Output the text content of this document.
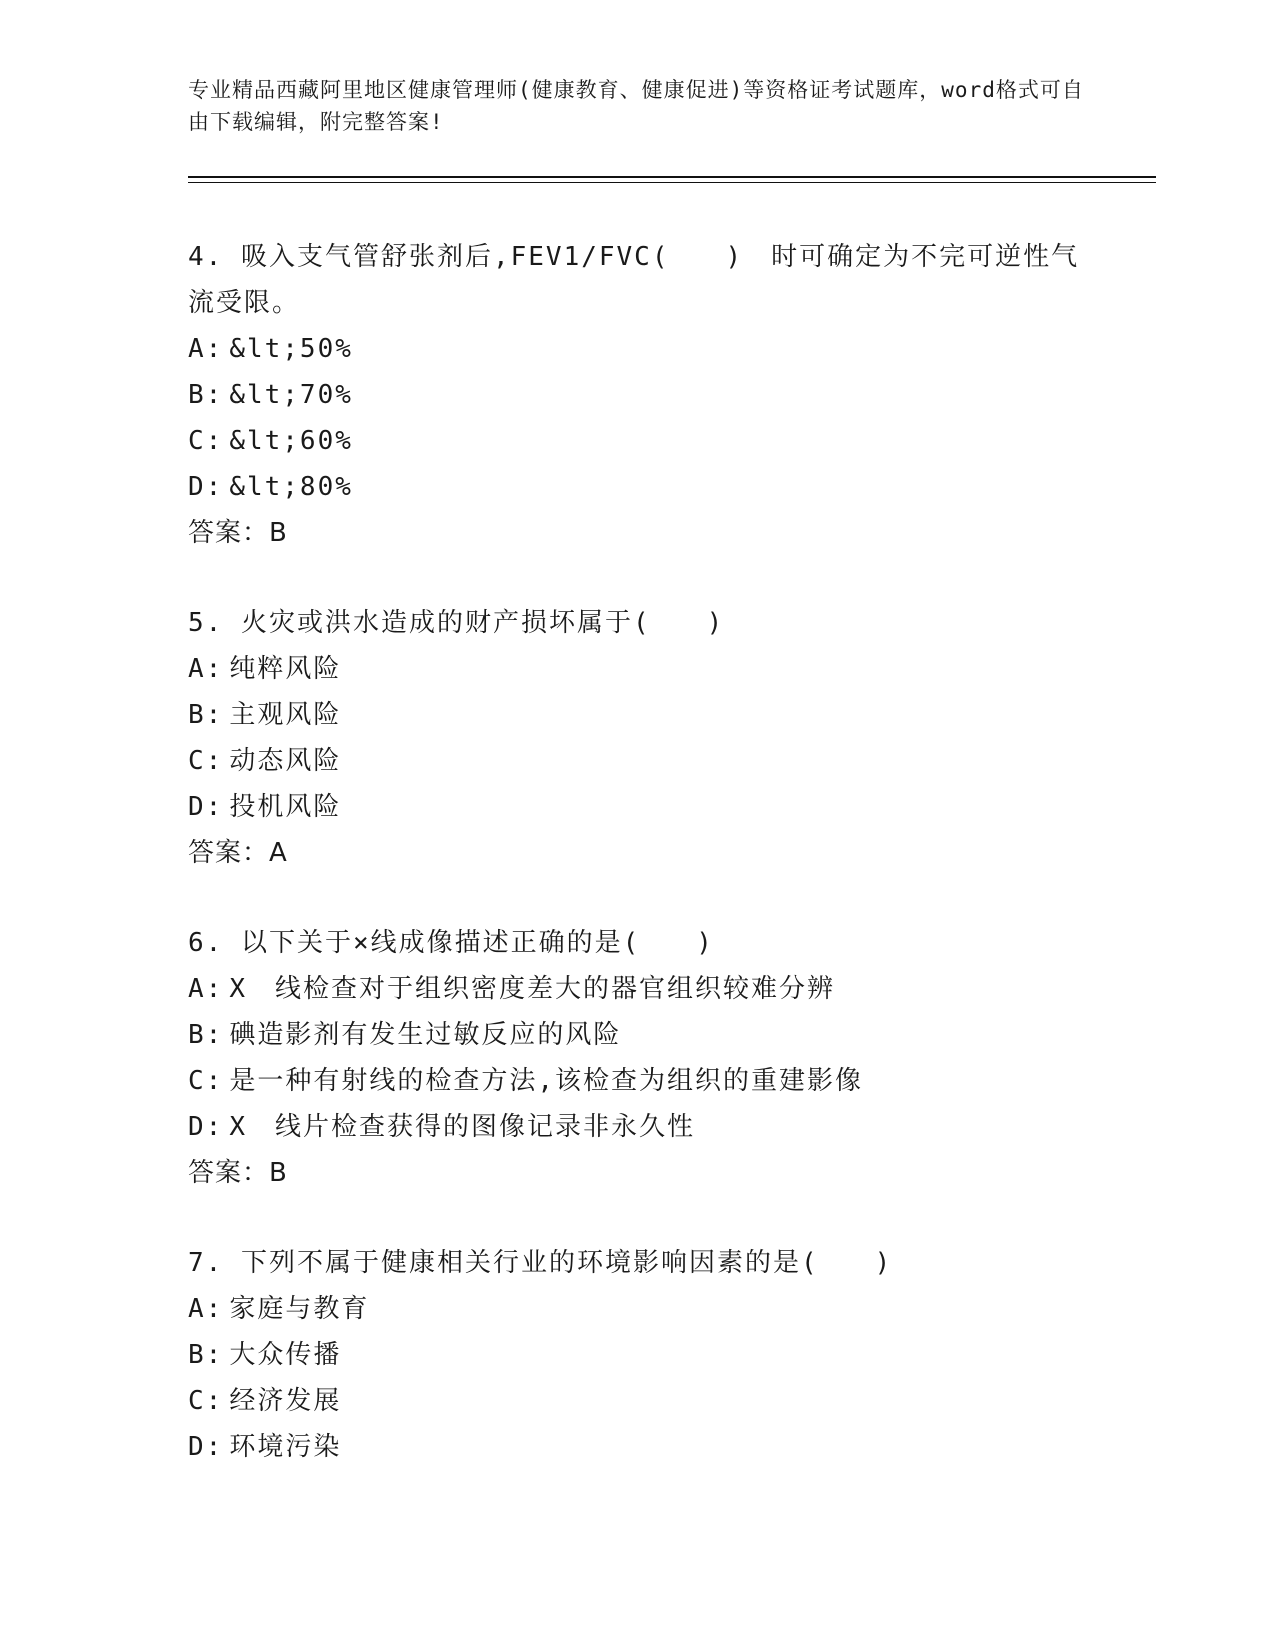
专业精品西藏阿里地区健康管理师(健康教育、健康促进)等资格证考试题库，word格式可自由下载编辑，附完整答案!

4. 吸入支气管舒张剂后,FEV1/FVC(　　)　时可确定为不完可逆性气流受限。

A: &lt;50%

B: &lt;70%

C: &lt;60%

D: &lt;80%

答案：B

5. 火灾或洪水造成的财产损坏属于(　　)

A: 纯粹风险

B: 主观风险

C: 动态风险

D: 投机风险

答案：A

6. 以下关于×线成像描述正确的是(　　)

A: X　线检查对于组织密度差大的器官组织较难分辨

B: 碘造影剂有发生过敏反应的风险

C: 是一种有射线的检查方法,该检查为组织的重建影像

D: X　线片检查获得的图像记录非永久性

答案：B

7. 下列不属于健康相关行业的环境影响因素的是(　　)

A: 家庭与教育

B: 大众传播

C: 经济发展

D: 环境污染
